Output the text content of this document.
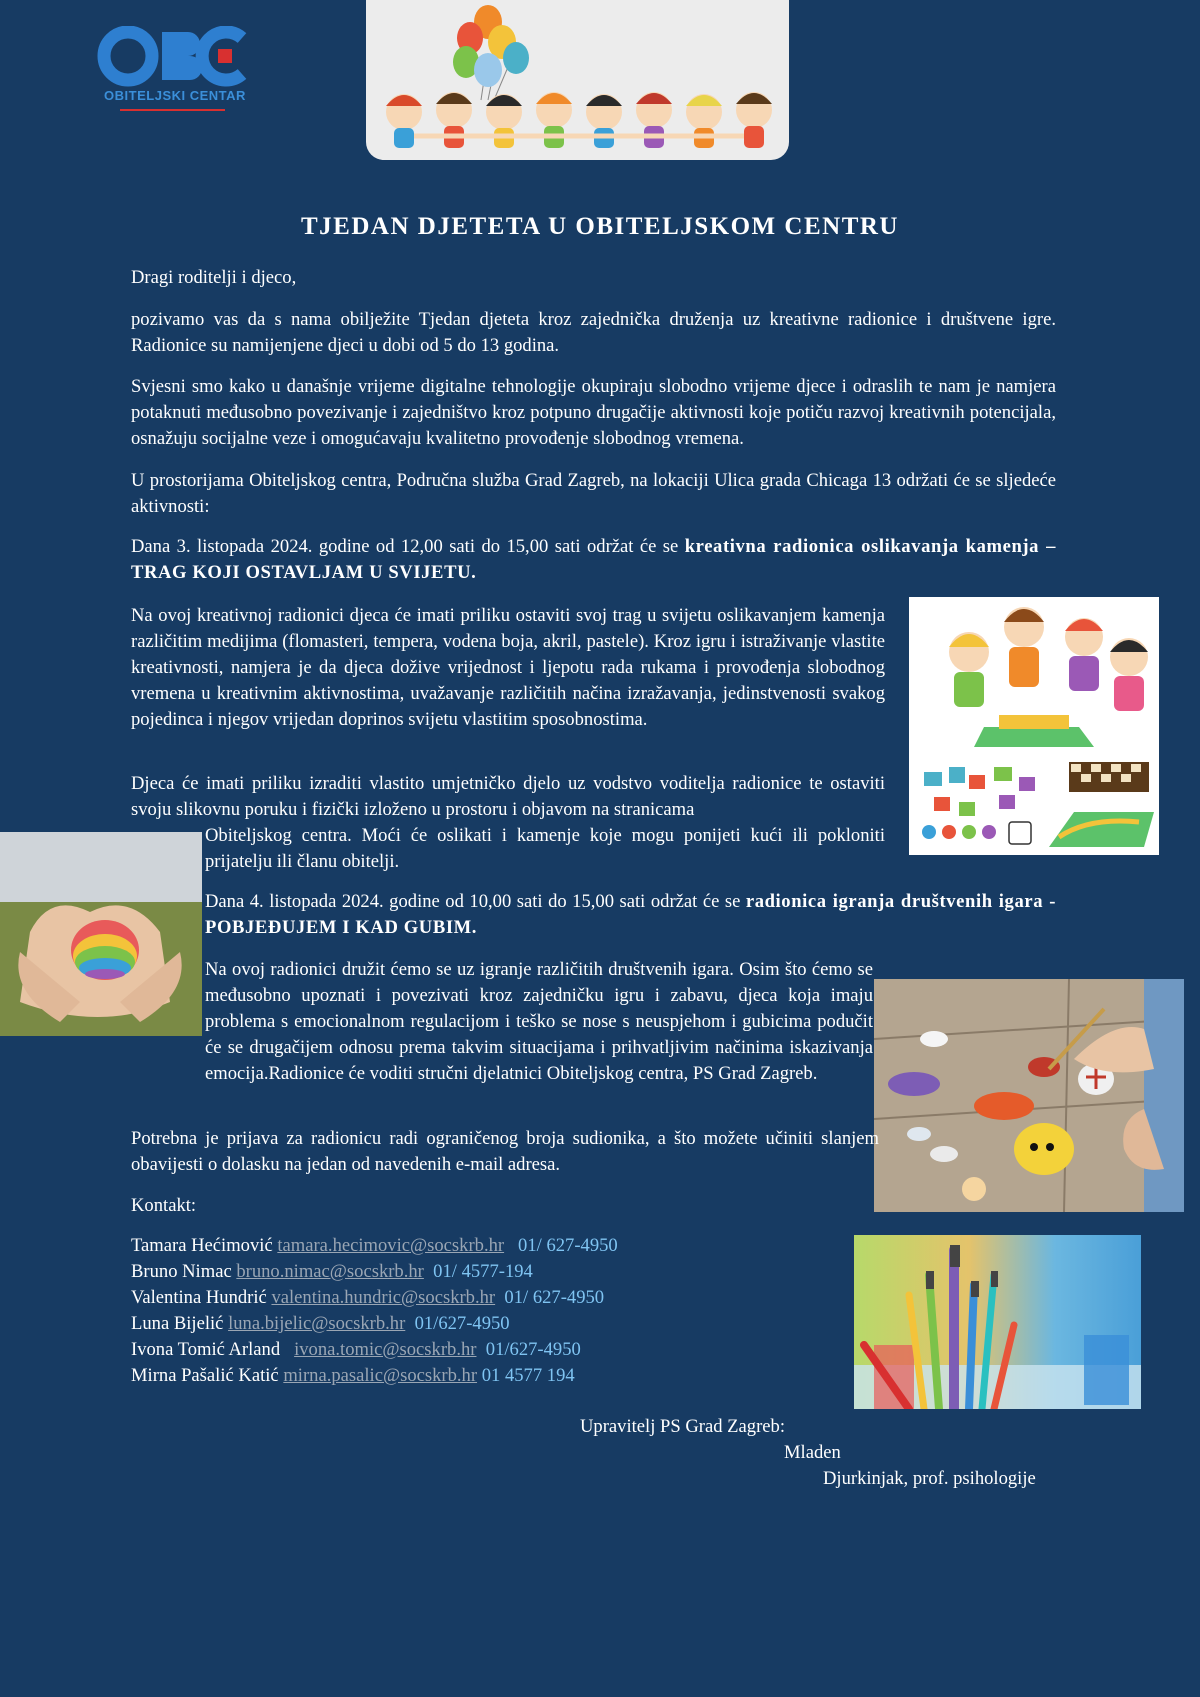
OBITELJSKI CENTAR
TJEDAN DJETETA U OBITELJSKOM CENTRU

Dragi roditelji i djeco,

pozivamo vas da s nama obilježite Tjedan djeteta kroz zajednička druženja uz kreativne radionice i društvene igre. Radionice su namijenjene djeci u dobi od 5 do 13 godina.

Svjesni smo kako u današnje vrijeme digitalne tehnologije okupiraju slobodno vrijeme djece i odraslih te nam je namjera potaknuti međusobno povezivanje i zajedništvo kroz potpuno drugačije aktivnosti koje potiču razvoj kreativnih potencijala, osnažuju socijalne veze i omogućavaju kvalitetno provođenje slobodnog vremena.

U prostorijama Obiteljskog centra, Područna služba Grad Zagreb, na lokaciji Ulica grada Chicaga 13 održati će se sljedeće aktivnosti:

Dana 3. listopada 2024. godine od 12,00 sati do 15,00 sati održat će se kreativna radionica oslikavanja kamenja – TRAG KOJI OSTAVLJAM U SVIJETU.

Na ovoj kreativnoj radionici djeca će imati priliku ostaviti svoj trag u svijetu oslikavanjem kamenja različitim medijima (flomasteri, tempera, vodena boja, akril, pastele). Kroz igru i istraživanje vlastite kreativnosti, namjera je da djeca dožive vrijednost i ljepotu rada rukama i provođenja slobodnog vremena u kreativnim aktivnostima, uvažavanje različitih načina izražavanja, jedinstvenosti svakog pojedinca i njegov vrijedan doprinos svijetu vlastitim sposobnostima.

Djeca će imati priliku izraditi vlastito umjetničko djelo uz vodstvo voditelja radionice te ostaviti svoju slikovnu poruku i fizički izloženo u prostoru i objavom na stranicama

Obiteljskog centra. Moći će oslikati i kamenje koje mogu ponijeti kući ili pokloniti prijatelju ili članu obitelji.

Dana 4. listopada 2024. godine od 10,00 sati do 15,00 sati održat će se radionica igranja društvenih igara - POBJEĐUJEM I KAD GUBIM.

Na ovoj radionici družit ćemo se uz igranje različitih društvenih igara. Osim što ćemo se međusobno upoznati i povezivati kroz zajedničku igru i zabavu, djeca koja imaju problema s emocionalnom regulacijom i teško se nose s neuspjehom i gubicima podučit će se drugačijem odnosu prema takvim situacijama i prihvatljivim načinima iskazivanja emocija.Radionice će voditi stručni djelatnici Obiteljskog centra, PS Grad Zagreb.

Potrebna je prijava za radionicu radi ograničenog broja sudionika, a što možete učiniti slanjem obavijesti o dolasku na jedan od navedenih e-mail adresa.

Kontakt:

Tamara Hećimović tamara.hecimovic@socskrb.hr   01/ 627-4950

Bruno Nimac bruno.nimac@socskrb.hr  01/ 4577-194

Valentina Hundrić valentina.hundric@socskrb.hr  01/ 627-4950

Luna Bijelić luna.bijelic@socskrb.hr  01/627-4950

Ivona Tomić Arland   ivona.tomic@socskrb.hr  01/627-4950

Mirna Pašalić Katić mirna.pasalic@socskrb.hr 01 4577 194

Upravitelj PS Grad Zagreb:

Mladen

Djurkinjak, prof. psihologije
